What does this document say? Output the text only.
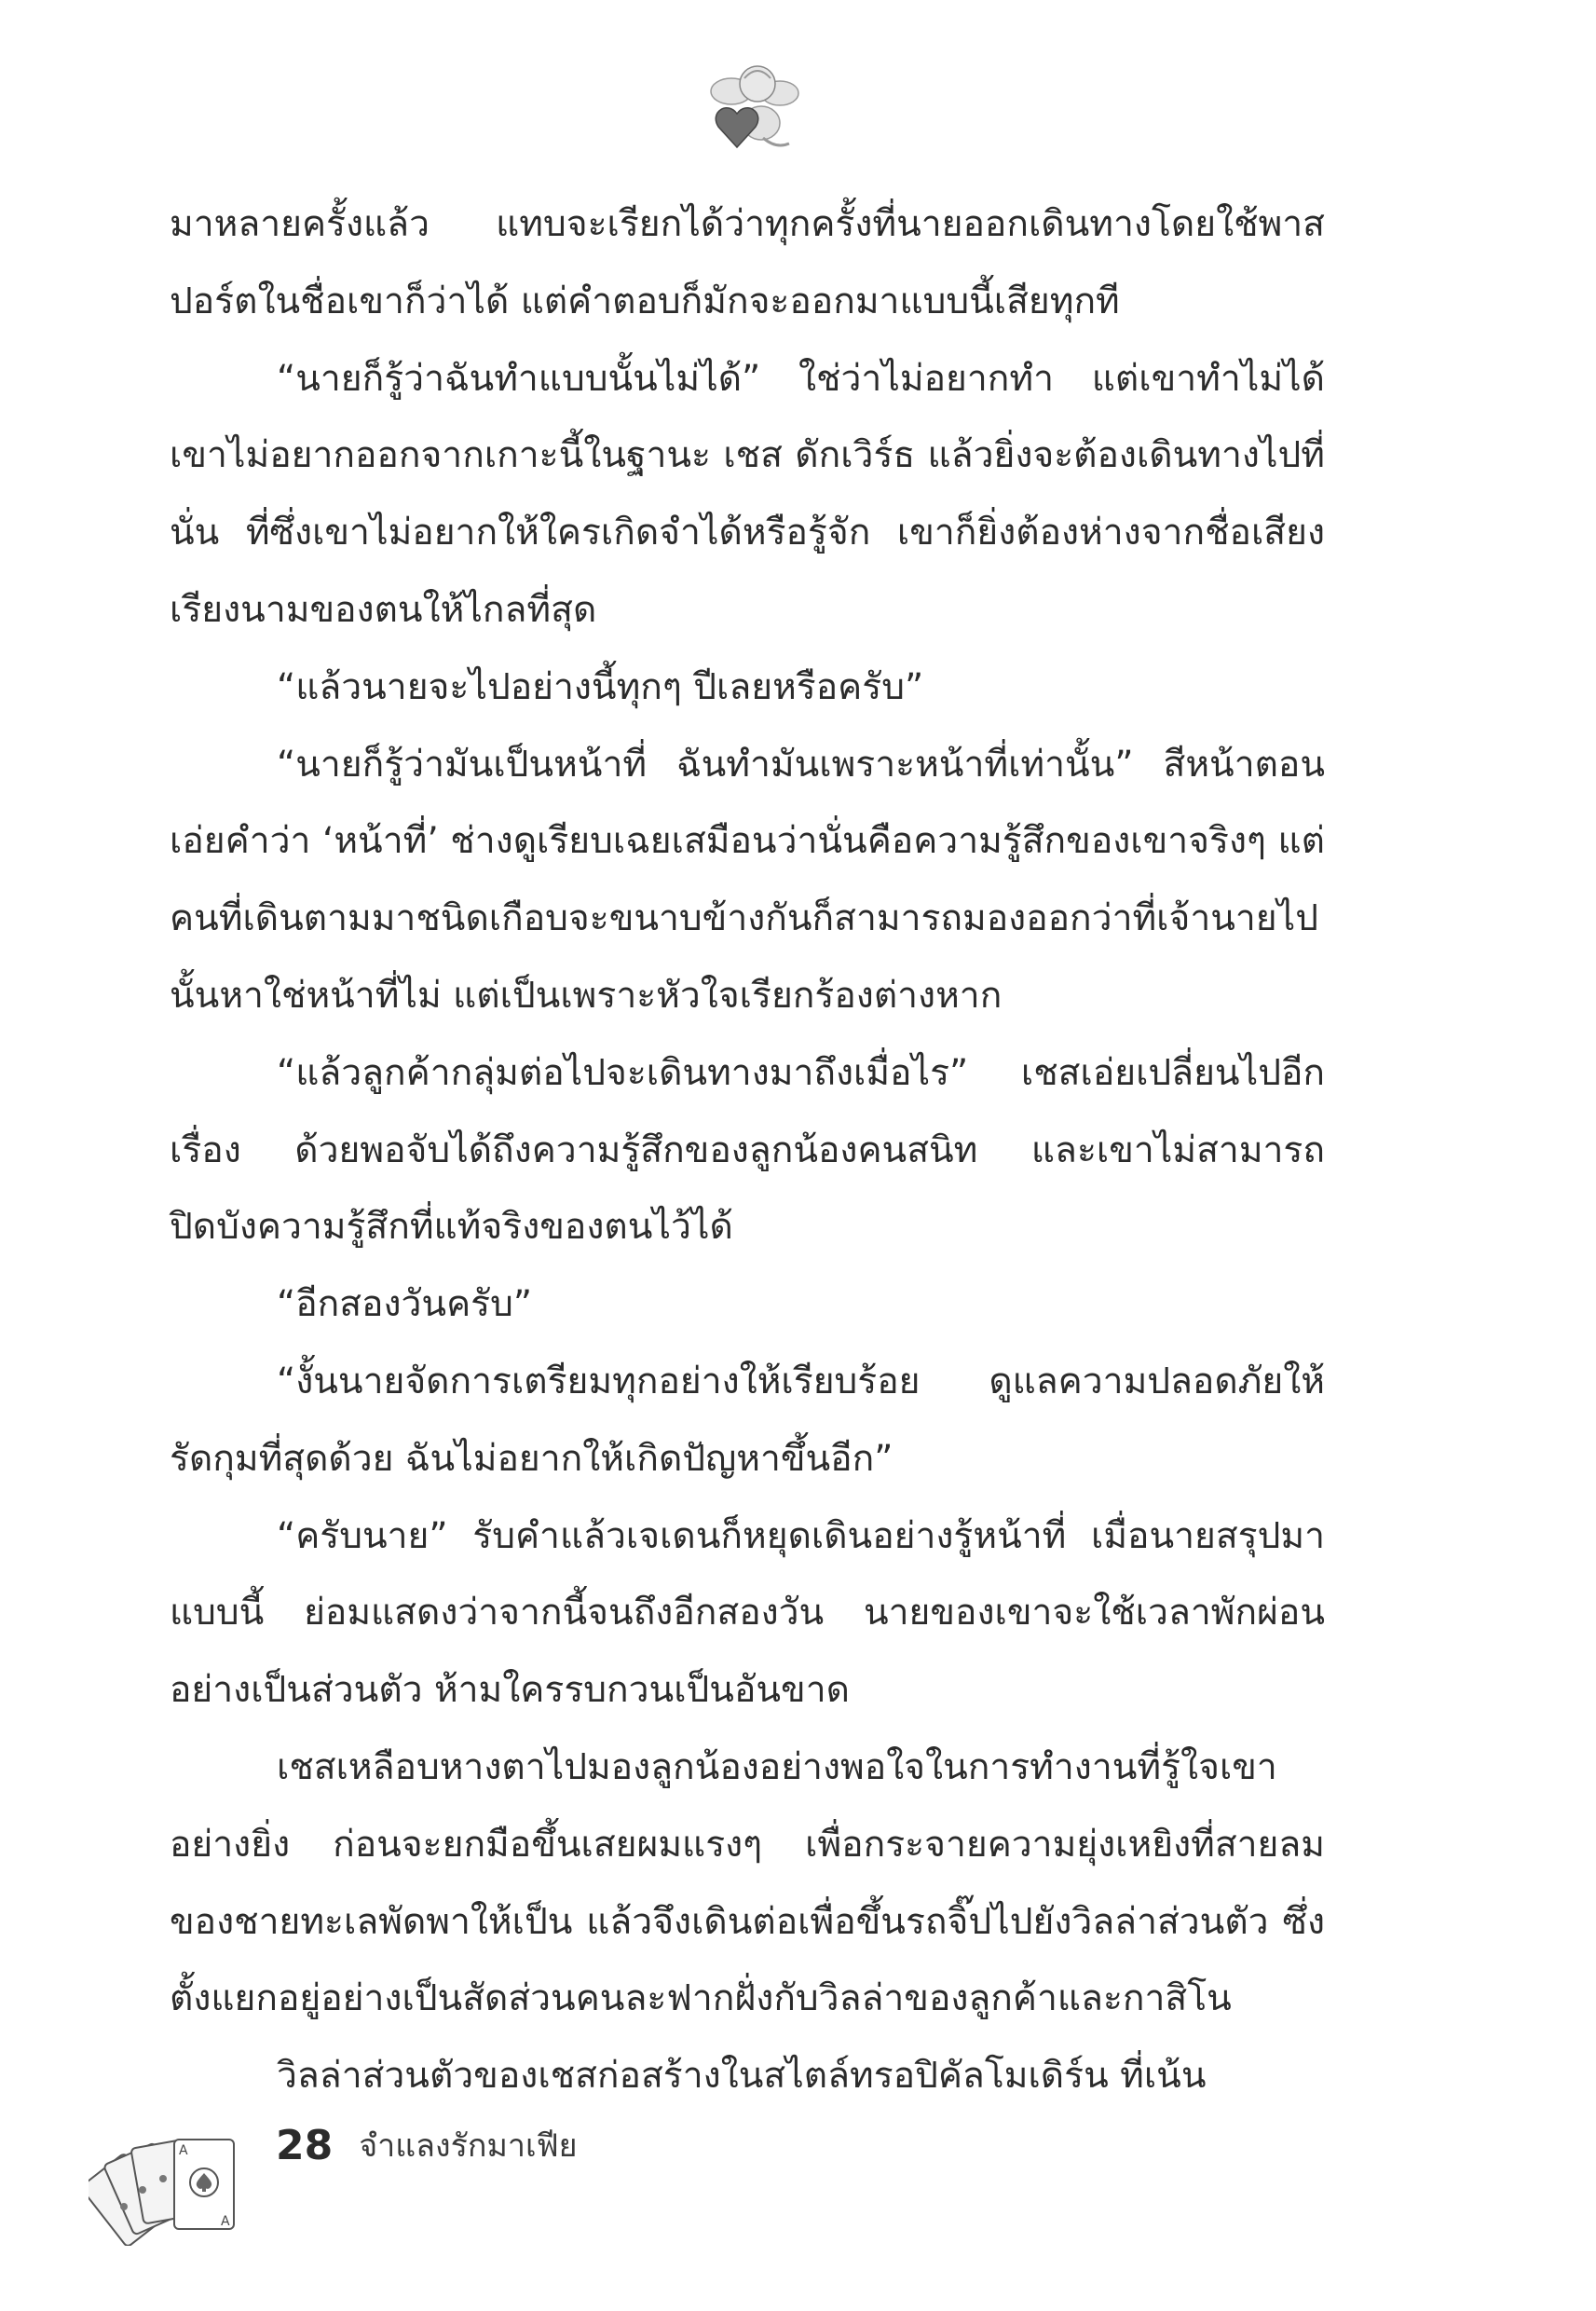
มาหลายครั้งแล้ว แทบจะเรียกได้ว่าทุกครั้งที่นายออกเดินทางโดยใช้พาสปอร์ตในชื่อเขาก็ว่าได้ แต่คำตอบก็มักจะออกมาแบบนี้เสียทุกที

“นายก็รู้ว่าฉันทำแบบนั้นไม่ได้” ใช่ว่าไม่อยากทำ แต่เขาทำไม่ได้ เขาไม่อยากออกจากเกาะนี้ในฐานะ เชส ดักเวิร์ธ แล้วยิ่งจะต้องเดินทางไปที่นั่น ที่ซึ่งเขาไม่อยากให้ใครเกิดจำได้หรือรู้จัก เขาก็ยิ่งต้องห่างจากชื่อเสียงเรียงนามของตนให้ไกลที่สุด

“แล้วนายจะไปอย่างนี้ทุกๆ ปีเลยหรือครับ”

“นายก็รู้ว่ามันเป็นหน้าที่ ฉันทำมันเพราะหน้าที่เท่านั้น” สีหน้าตอนเอ่ยคำว่า ‘หน้าที่’ ช่างดูเรียบเฉยเสมือนว่านั่นคือความรู้สึกของเขาจริงๆ แต่คนที่เดินตามมาชนิดเกือบจะขนาบข้างกันก็สามารถมองออกว่าที่เจ้านายไปนั้นหาใช่หน้าที่ไม่ แต่เป็นเพราะหัวใจเรียกร้องต่างหาก

“แล้วลูกค้ากลุ่มต่อไปจะเดินทางมาถึงเมื่อไร” เชสเอ่ยเปลี่ยนไปอีกเรื่อง ด้วยพอจับได้ถึงความรู้สึกของลูกน้องคนสนิท และเขาไม่สามารถปิดบังความรู้สึกที่แท้จริงของตนไว้ได้

“อีกสองวันครับ”

“งั้นนายจัดการเตรียมทุกอย่างให้เรียบร้อย ดูแลความปลอดภัยให้รัดกุมที่สุดด้วย ฉันไม่อยากให้เกิดปัญหาขึ้นอีก”

“ครับนาย” รับคำแล้วเจเดนก็หยุดเดินอย่างรู้หน้าที่ เมื่อนายสรุปมาแบบนี้ ย่อมแสดงว่าจากนี้จนถึงอีกสองวัน นายของเขาจะใช้เวลาพักผ่อนอย่างเป็นส่วนตัว ห้ามใครรบกวนเป็นอันขาด

เชสเหลือบหางตาไปมองลูกน้องอย่างพอใจในการทำงานที่รู้ใจเขาอย่างยิ่ง ก่อนจะยกมือขึ้นเสยผมแรงๆ เพื่อกระจายความยุ่งเหยิงที่สายลมของชายทะเลพัดพาให้เป็น แล้วจึงเดินต่อเพื่อขึ้นรถจิ๊ปไปยังวิลล่าส่วนตัว ซึ่งตั้งแยกอยู่อย่างเป็นสัดส่วนคนละฟากฝั่งกับวิลล่าของลูกค้าและกาสิโน

วิลล่าส่วนตัวของเชสก่อสร้างในสไตล์ทรอปิคัลโมเดิร์น ที่เน้น

A
A
28 จำแลงรักมาเฟีย
